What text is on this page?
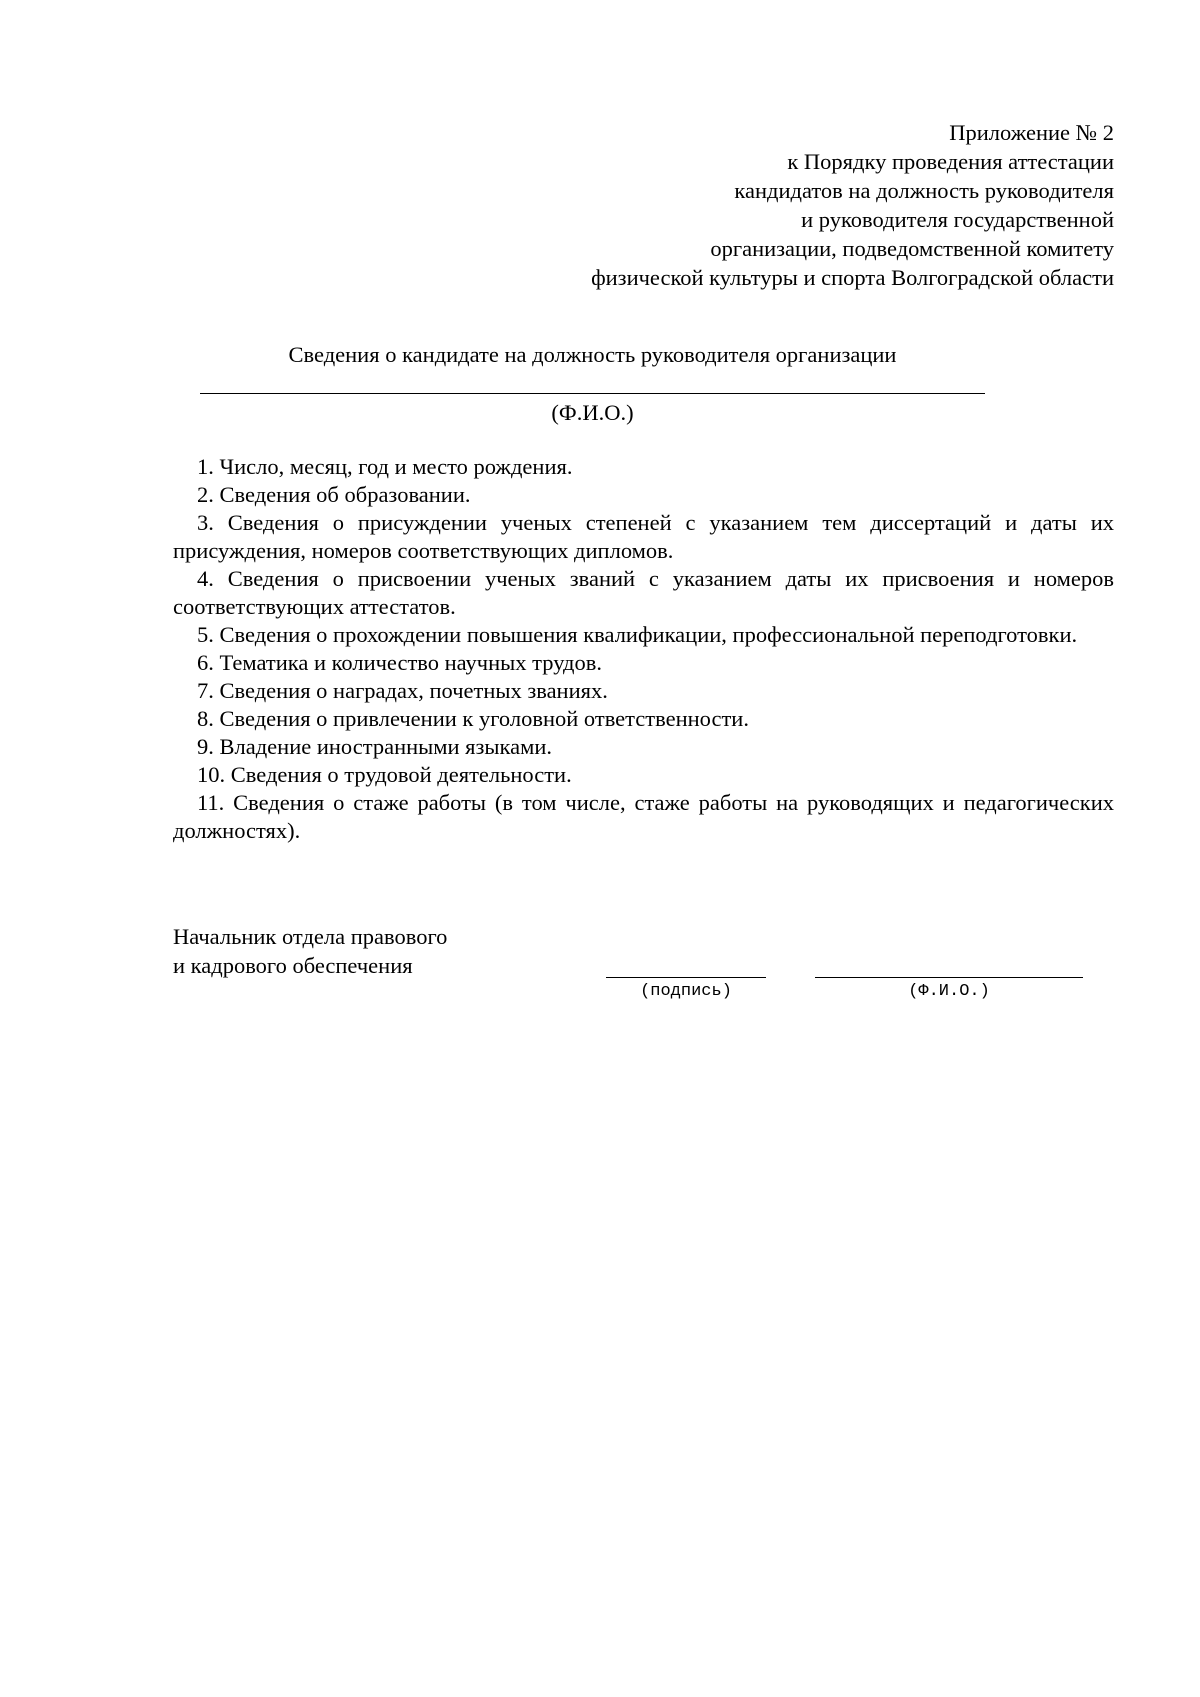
Приложение № 2
к Порядку проведения аттестации
кандидатов на должность руководителя
и руководителя государственной
организации, подведомственной комитету
физической культуры и спорта Волгоградской области
Сведения о кандидате на должность руководителя организации
(Ф.И.О.)

1. Число, месяц, год и место рождения.

2. Сведения об образовании.

3. Сведения о присуждении ученых степеней с указанием тем диссертаций и даты их присуждения, номеров соответствующих дипломов.

4. Сведения о присвоении ученых званий с указанием даты их присвоения и номеров соответствующих аттестатов.

5. Сведения о прохождении повышения квалификации, профессиональной переподготовки.

6. Тематика и количество научных трудов.

7. Сведения о наградах, почетных званиях.

8. Сведения о привлечении к уголовной ответственности.

9. Владение иностранными языками.

10. Сведения о трудовой деятельности.

11. Сведения о стаже работы (в том числе, стаже работы на руководящих и педагогических должностях).

Начальник отдела правового
и кадрового обеспечения
(подпись)	(Ф.И.О.)
